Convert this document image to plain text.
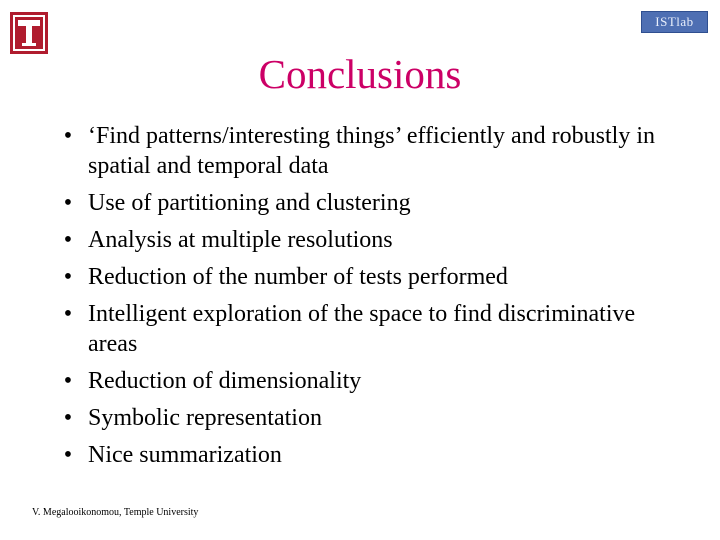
ISTlab
Conclusions
• ‘Find patterns/interesting things’ efficiently and robustly in spatial and temporal data
• Use of partitioning and clustering
• Analysis at multiple resolutions
• Reduction of the number of tests performed
• Intelligent exploration of the space to find discriminative areas
• Reduction of dimensionality
• Symbolic representation
• Nice summarization
V. Megalooikonomou, Temple University
